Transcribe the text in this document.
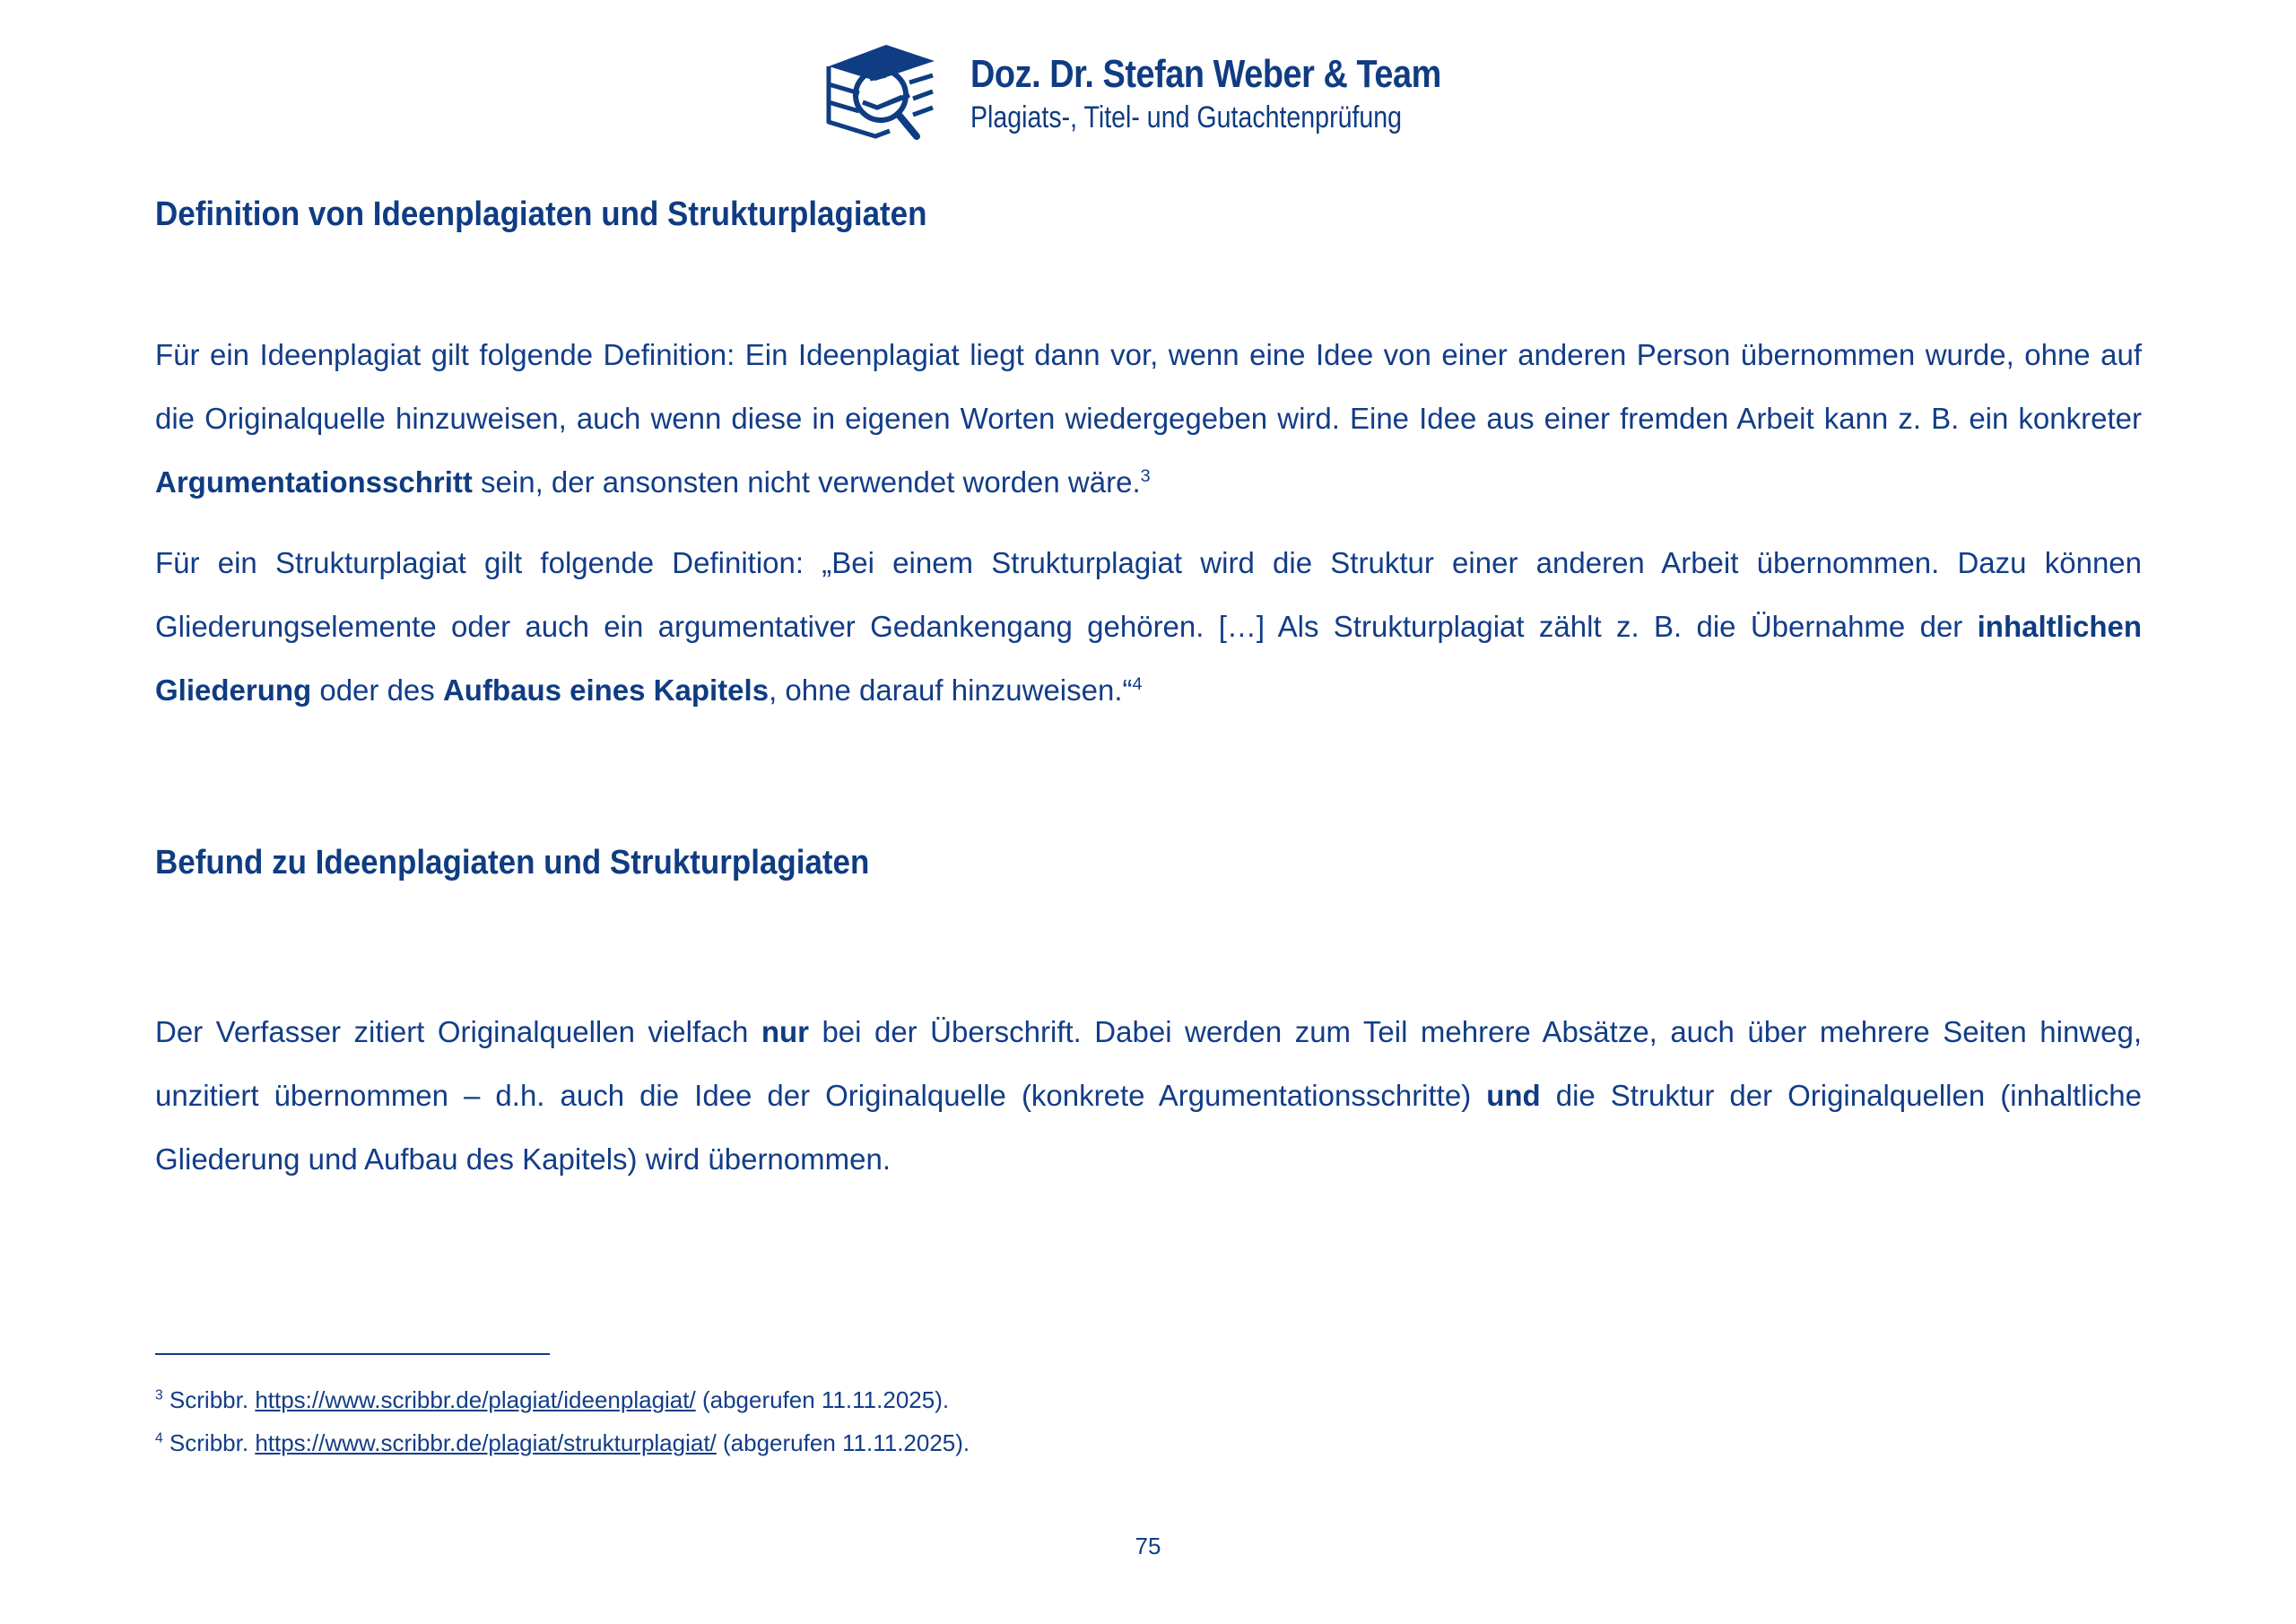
Doz. Dr. Stefan Weber & Team
Plagiats-, Titel- und Gutachtenprüfung
Definition von Ideenplagiaten und Strukturplagiaten

Für ein Ideenplagiat gilt folgende Definition: Ein Ideenplagiat liegt dann vor, wenn eine Idee von einer anderen Person übernommen wurde, ohne auf die Originalquelle hinzuweisen, auch wenn diese in eigenen Worten wiedergegeben wird. Eine Idee aus einer fremden Arbeit kann z. B. ein konkreter Argumentationsschritt sein, der ansonsten nicht verwendet worden wäre.$^3$

Für ein Strukturplagiat gilt folgende Definition: „Bei einem Strukturplagiat wird die Struktur einer anderen Arbeit übernommen. Dazu können Gliederungselemente oder auch ein argumentativer Gedankengang gehören. […] Als Strukturplagiat zählt z. B. die Übernahme der inhaltlichen Gliederung oder des Aufbaus eines Kapitels, ohne darauf hinzuweisen.“$^4$

Befund zu Ideenplagiaten und Strukturplagiaten

Der Verfasser zitiert Originalquellen vielfach nur bei der Überschrift. Dabei werden zum Teil mehrere Absätze, auch über mehrere Seiten hinweg, unzitiert übernommen – d.h. auch die Idee der Originalquelle (konkrete Argumentationsschritte) und die Struktur der Originalquellen (inhaltliche Gliederung und Aufbau des Kapitels) wird übernommen.

$^3$ Scribbr. https://www.scribbr.de/plagiat/ideenplagiat/ (abgerufen 11.11.2025).
$^4$ Scribbr. https://www.scribbr.de/plagiat/strukturplagiat/ (abgerufen 11.11.2025).
75
